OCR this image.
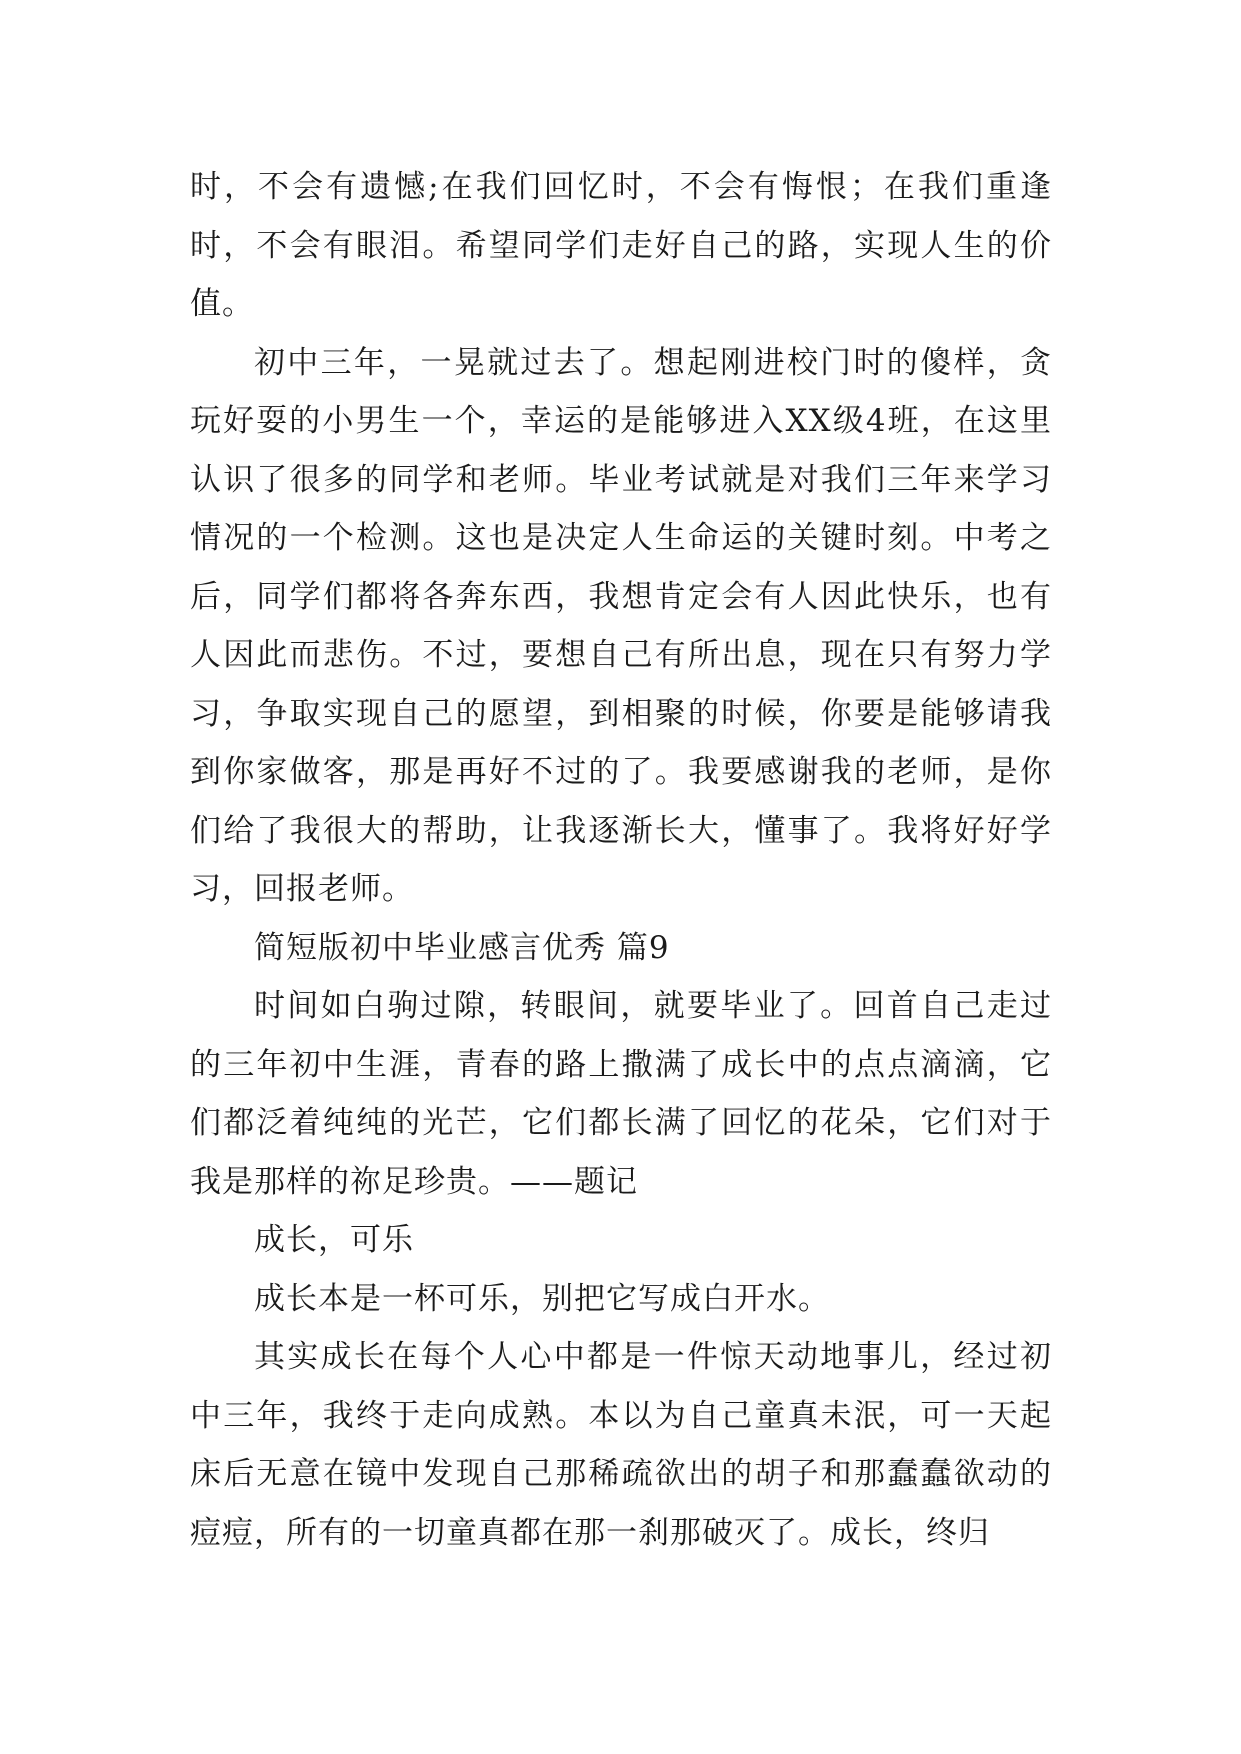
时，不会有遗憾;在我们回忆时，不会有悔恨；在我们重逢时，不会有眼泪。希望同学们走好自己的路，实现人生的价值。

初中三年，一晃就过去了。想起刚进校门时的傻样，贪玩好耍的小男生一个，幸运的是能够进入XX级4班，在这里认识了很多的同学和老师。毕业考试就是对我们三年来学习情况的一个检测。这也是决定人生命运的关键时刻。中考之后，同学们都将各奔东西，我想肯定会有人因此快乐，也有人因此而悲伤。不过，要想自己有所出息，现在只有努力学习，争取实现自己的愿望，到相聚的时候，你要是能够请我到你家做客，那是再好不过的了。我要感谢我的老师，是你们给了我很大的帮助，让我逐渐长大，懂事了。我将好好学习，回报老师。

简短版初中毕业感言优秀 篇9

时间如白驹过隙，转眼间，就要毕业了。回首自己走过的三年初中生涯，青春的路上撒满了成长中的点点滴滴，它们都泛着纯纯的光芒，它们都长满了回忆的花朵，它们对于我是那样的祢足珍贵。——题记

成长，可乐

成长本是一杯可乐，别把它写成白开水。

其实成长在每个人心中都是一件惊天动地事儿，经过初中三年，我终于走向成熟。本以为自己童真未泯，可一天起床后无意在镜中发现自己那稀疏欲出的胡子和那蠢蠢欲动的痘痘，所有的一切童真都在那一刹那破灭了。成长，终归
